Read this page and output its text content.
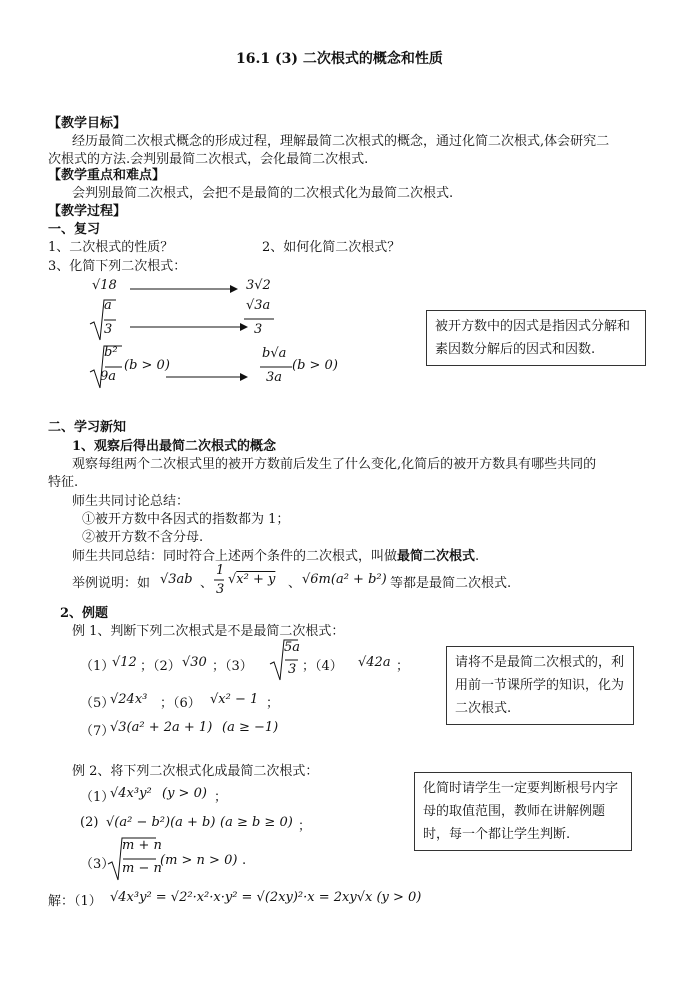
16.1 (3) 二次根式的概念和性质
【教学目标】
经历最简二次根式概念的形成过程，理解最简二次根式的概念，通过化简二次根式,体会研究二
次根式的方法.会判别最简二次根式，会化最简二次根式.
【教学重点和难点】
会判别最简二次根式，会把不是最简的二次根式化为最简二次根式.
【教学过程】
一、复习
1、二次根式的性质？	2、如何化简二次根式？
3、化简下列二次根式：
√18	3√2
a
3
√3a
3
b²
9a
(b > 0)
b√a
3a
(b > 0)
被开方数中的因式是指因式分解和素因数分解后的因式和因数.
二、学习新知
1、观察后得出最简二次根式的概念
观察每组两个二次根式里的被开方数前后发生了什么变化,化简后的被开方数具有哪些共同的
特征.
师生共同讨论总结：
①被开方数中各因式的指数都为 1；
②被开方数不含分母.
师生共同总结：同时符合上述两个条件的二次根式，叫做最简二次根式.
举例说明：如 √3ab 、
1
3
√x² + y 、 √6m(a² + b²) 等都是最简二次根式.
2、例题
例 1、判断下列二次根式是不是最简二次根式：
（1）
√12 ；（2） √30 ；（3）
5a
3 ；（4） √42a ；
（5）
√24x³ ；（6） √x² − 1 ；
（7）
√3(a² + 2a + 1) (a ≥ −1)
请将不是最简二次根式的，利用前一节课所学的知识，化为二次根式.
例 2、将下列二次根式化成最简二次根式：
（1）
√4x³y² (y > 0) ；
(2) √(a² − b²)(a + b) (a ≥ b ≥ 0) ；
（3）
m + n
m − n
(m > n > 0) .
化简时请学生一定要判断根号内字母的取值范围，教师在讲解例题时，每一个都让学生判断.
解：（1） √4x³y² = √2²·x²·x·y² = √(2xy)²·x = 2xy√x (y > 0)
